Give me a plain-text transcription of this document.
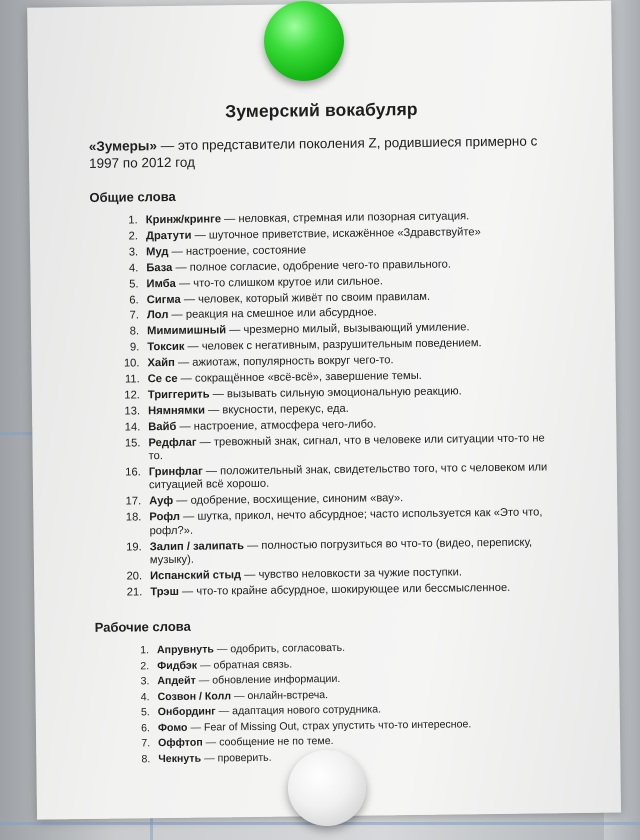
Зумерский вокабуляр

«Зумеры» — это представители поколения Z, родившиеся примерно с 1997 по 2012 год

Общие слова
1. Кринж/кринге — неловкая, стремная или позорная ситуация.
2. Дратути — шуточное приветствие, искажённое «Здравствуйте»
3. Муд — настроение, состояние
4. База — полное согласие, одобрение чего-то правильного.
5. Имба — что-то слишком крутое или сильное.
6. Сигма — человек, который живёт по своим правилам.
7. Лол — реакция на смешное или абсурдное.
8. Мимимишный — чрезмерно милый, вызывающий умиление.
9. Токсик — человек с негативным, разрушительным поведением.
10. Хайп — ажиотаж, популярность вокруг чего-то.
11. Се се — сокращённое «всё-всё», завершение темы.
12. Триггерить — вызывать сильную эмоциональную реакцию.
13. Нямнямки — вкусности, перекус, еда.
14. Вайб — настроение, атмосфера чего-либо.
15. Редфлаг — тревожный знак, сигнал, что в человеке или ситуации что-то не то.
16. Гринфлаг — положительный знак, свидетельство того, что с человеком или ситуацией всё хорошо.
17. Ауф — одобрение, восхищение, синоним «вау».
18. Рофл — шутка, прикол, нечто абсурдное; часто используется как «Это что, рофл?».
19. Залип / залипать — полностью погрузиться во что-то (видео, переписку, музыку).
20. Испанский стыд — чувство неловкости за чужие поступки.
21. Трэш — что-то крайне абсурдное, шокирующее или бессмысленное.
Рабочие слова
1. Апрувнуть — одобрить, согласовать.
2. Фидбэк — обратная связь.
3. Апдейт — обновление информации.
4. Созвон / Колл — онлайн-встреча.
5. Онбординг — адаптация нового сотрудника.
6. Фомо — Fear of Missing Out, страх упустить что-то интересное.
7. Оффтоп — сообщение не по теме.
8. Чекнуть — проверить.
